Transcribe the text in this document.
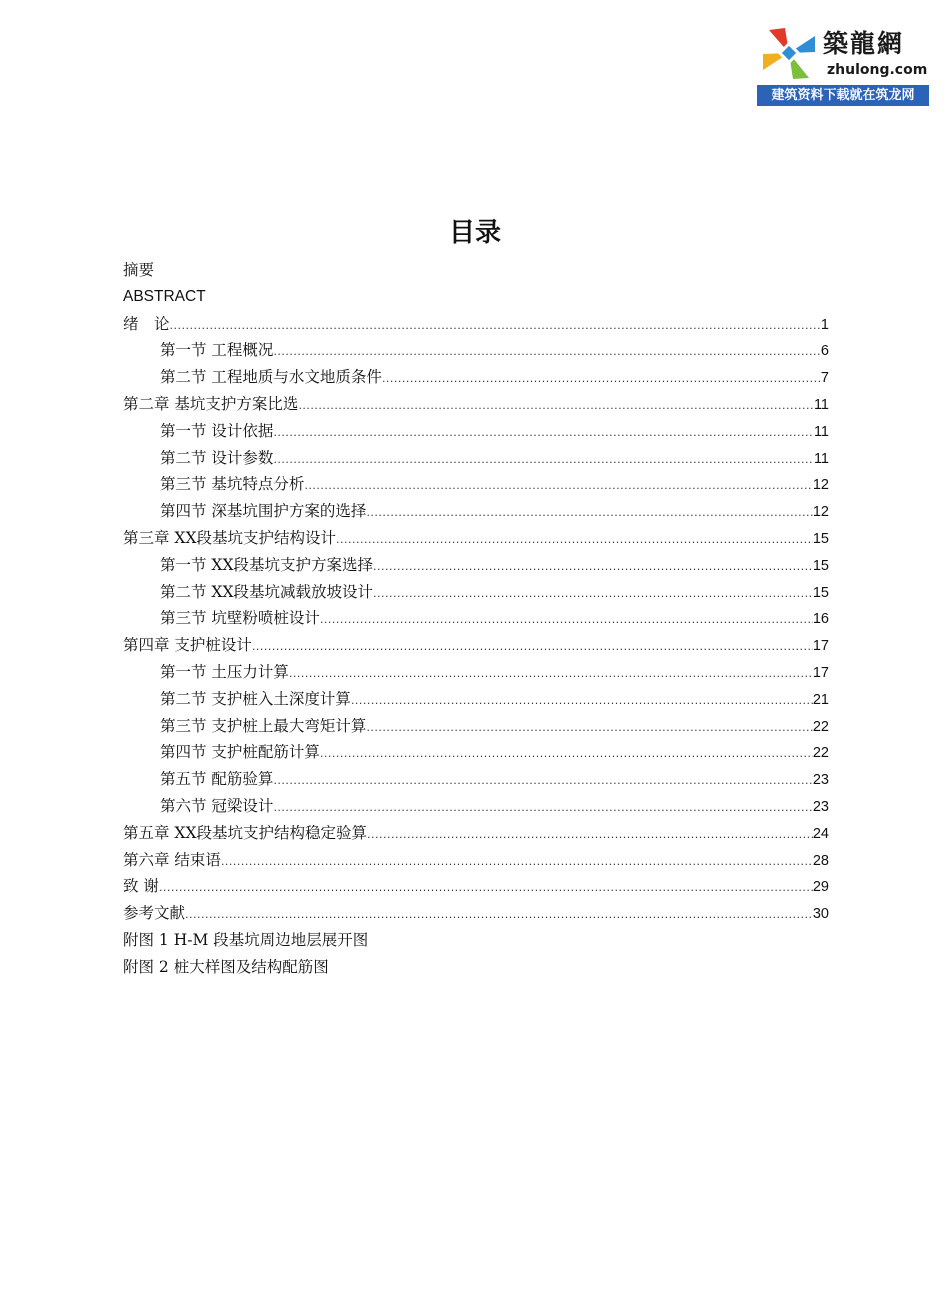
築龍網
zhulong.com
建筑资料下载就在筑龙网
目录
摘要
ABSTRACT
绪　论 .....	1
第一节 工程概况 .....	6
第二节 工程地质与水文地质条件 .....	7
第二章 基坑支护方案比选 .....	11
第一节 设计依据 .....	11
第二节 设计参数 .....	11
第三节 基坑特点分析 .....	12
第四节 深基坑围护方案的选择 .....	12
第三章 XX段基坑支护结构设计 .....	15
第一节 XX段基坑支护方案选择 .....	15
第二节 XX段基坑减载放坡设计 .....	15
第三节 坑壁粉喷桩设计 .....	16
第四章 支护桩设计 .....	17
第一节 土压力计算 .....	17
第二节 支护桩入土深度计算 .....	21
第三节 支护桩上最大弯矩计算 .....	22
第四节 支护桩配筋计算 .....	22
第五节 配筋验算 .....	23
第六节 冠梁设计 .....	23
第五章 XX段基坑支护结构稳定验算 .....	24
第六章 结束语 .....	28
致 谢 .....	29
参考文献 .....	30
附图 1 H-M 段基坑周边地层展开图
附图 2 桩大样图及结构配筋图
